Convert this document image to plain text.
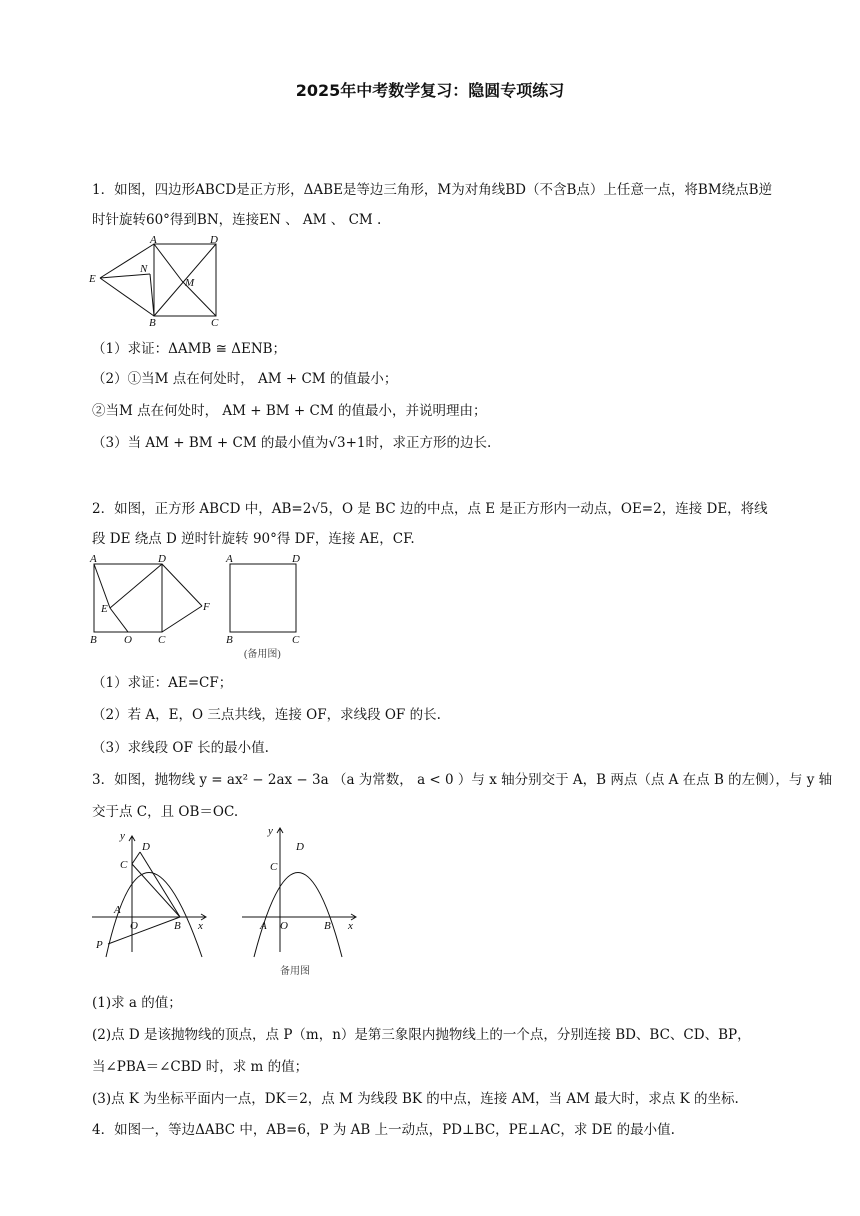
2025年中考数学复习：隐圆专项练习
1．如图，四边形ABCD是正方形，ΔABE是等边三角形，M为对角线BD（不含B点）上任意一点，将BM绕点B逆
时针旋转60°得到BN，连接EN 、 AM 、 CM .
A	D
E
N
M
B	C
（1）求证：ΔAMB ≅ ΔENB；
（2）①当M 点在何处时， AM + CM 的值最小；
②当M 点在何处时， AM + BM + CM 的值最小，并说明理由；
（3）当 AM + BM + CM 的最小值为√3+1时，求正方形的边长.
2．如图，正方形 ABCD 中，AB=2√5，O 是 BC 边的中点，点 E 是正方形内一动点，OE=2，连接 DE，将线
段 DE 绕点 D 逆时针旋转 90°得 DF，连接 AE，CF.
A	D
E	F
B O C
A	D
B	C
(备用图)
（1）求证：AE=CF；
（2）若 A，E，O 三点共线，连接 OF，求线段 OF 的长.
（3）求线段 OF 长的最小值.
3．如图，抛物线 y = ax² − 2ax − 3a （a 为常数， a < 0 ）与 x 轴分别交于 A，B 两点（点 A 在点 B 的左侧），与 y 轴
交于点 C，且 OB＝OC.
y
D
C
A
O	B x
P
y
D
C
A O	B x
备用图
(1)求 a 的值；
(2)点 D 是该抛物线的顶点，点 P（m，n）是第三象限内抛物线上的一个点，分别连接 BD、BC、CD、BP，
当∠PBA＝∠CBD 时，求 m 的值；
(3)点 K 为坐标平面内一点，DK＝2，点 M 为线段 BK 的中点，连接 AM，当 AM 最大时，求点 K 的坐标.
4．如图一，等边ΔABC 中，AB=6，P 为 AB 上一动点，PD⊥BC，PE⊥AC，求 DE 的最小值.
